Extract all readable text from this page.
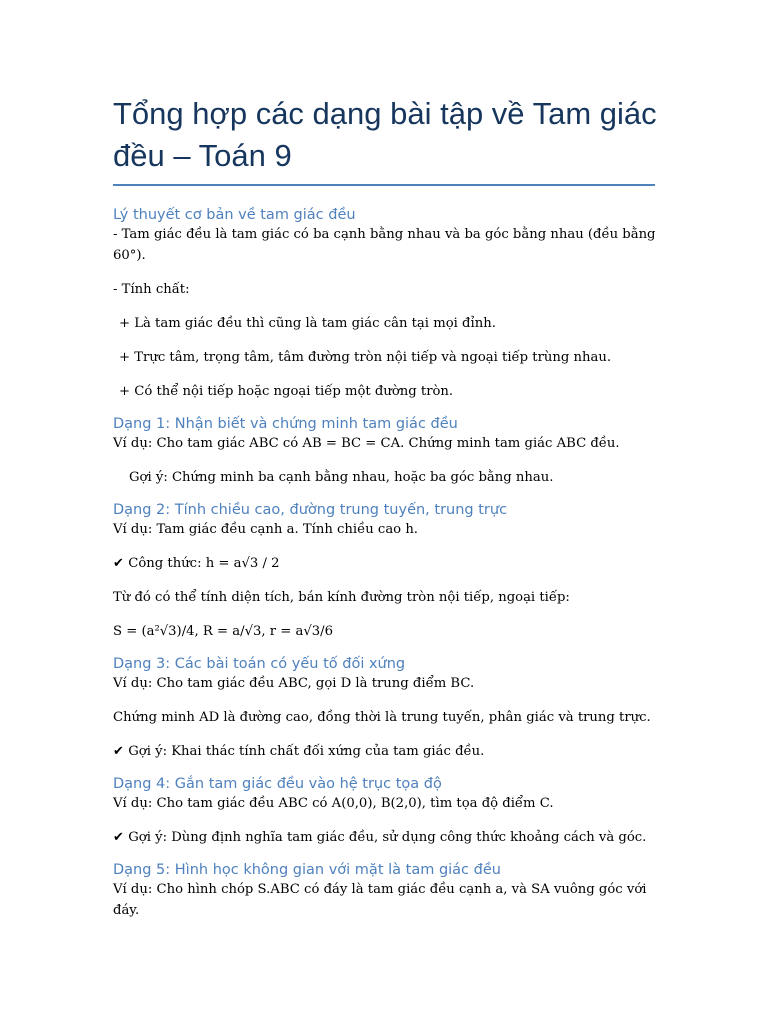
Tổng hợp các dạng bài tập về Tam giác đều – Toán 9
Lý thuyết cơ bản về tam giác đều

- Tam giác đều là tam giác có ba cạnh bằng nhau và ba góc bằng nhau (đều bằng 60°).

- Tính chất:

+ Là tam giác đều thì cũng là tam giác cân tại mọi đỉnh.

+ Trực tâm, trọng tâm, tâm đường tròn nội tiếp và ngoại tiếp trùng nhau.

+ Có thể nội tiếp hoặc ngoại tiếp một đường tròn.

Dạng 1: Nhận biết và chứng minh tam giác đều

Ví dụ: Cho tam giác ABC có AB = BC = CA. Chứng minh tam giác ABC đều.

Gợi ý: Chứng minh ba cạnh bằng nhau, hoặc ba góc bằng nhau.

Dạng 2: Tính chiều cao, đường trung tuyến, trung trực

Ví dụ: Tam giác đều cạnh a. Tính chiều cao h.

✔ Công thức: h = a√3 / 2

Từ đó có thể tính diện tích, bán kính đường tròn nội tiếp, ngoại tiếp:

S = (a²√3)/4, R = a/√3, r = a√3/6

Dạng 3: Các bài toán có yếu tố đối xứng

Ví dụ: Cho tam giác đều ABC, gọi D là trung điểm BC.

Chứng minh AD là đường cao, đồng thời là trung tuyến, phân giác và trung trực.

✔ Gợi ý: Khai thác tính chất đối xứng của tam giác đều.

Dạng 4: Gắn tam giác đều vào hệ trục tọa độ

Ví dụ: Cho tam giác đều ABC có A(0,0), B(2,0), tìm tọa độ điểm C.

✔ Gợi ý: Dùng định nghĩa tam giác đều, sử dụng công thức khoảng cách và góc.

Dạng 5: Hình học không gian với mặt là tam giác đều

Ví dụ: Cho hình chóp S.ABC có đáy là tam giác đều cạnh a, và SA vuông góc với đáy.
